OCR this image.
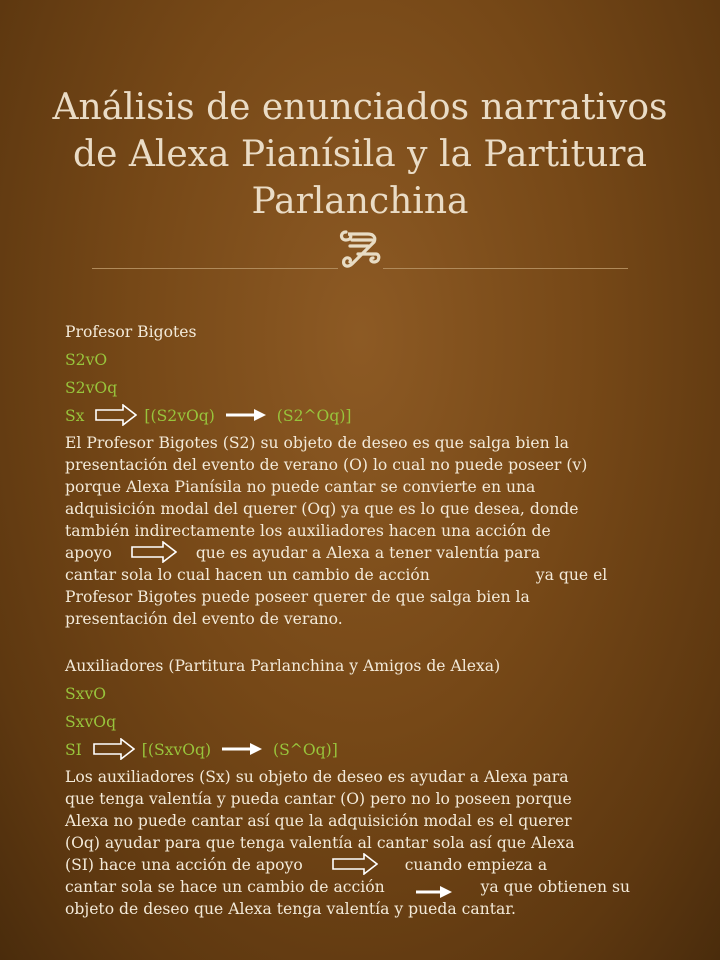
Análisis de enunciados narrativos de Alexa Pianísila y la Partitura Parlanchina

Profesor Bigotes

S2vO

S2vOq

Sx	[(S2vOq)	(S2^Oq)]

El Profesor Bigotes (S2) su objeto de deseo es que salga bien la
presentación del evento de verano (O) lo cual no puede poseer (v)
porque Alexa Pianísila no puede cantar se convierte en una
adquisición modal del querer (Oq) ya que es lo que desea, donde
también indirectamente los auxiliadores hacen una acción de
apoyo	que es ayudar a Alexa a tener valentía para
cantar sola lo cual hacen un cambio de acción	ya que el
Profesor Bigotes puede poseer querer de que salga bien la
presentación del evento de verano.

Auxiliadores (Partitura Parlanchina y Amigos de Alexa)

SxvO

SxvOq

SI	[(SxvOq)	(S^Oq)]

Los auxiliadores (Sx) su objeto de deseo es ayudar a Alexa para
que tenga valentía y pueda cantar (O) pero no lo poseen porque
Alexa no puede cantar así que la adquisición modal es el querer
(Oq) ayudar para que tenga valentía al cantar sola así que Alexa
(SI) hace una acción de apoyo	cuando empieza a
cantar sola se hace un cambio de acción	ya que obtienen su
objeto de deseo que Alexa tenga valentía y pueda cantar.
